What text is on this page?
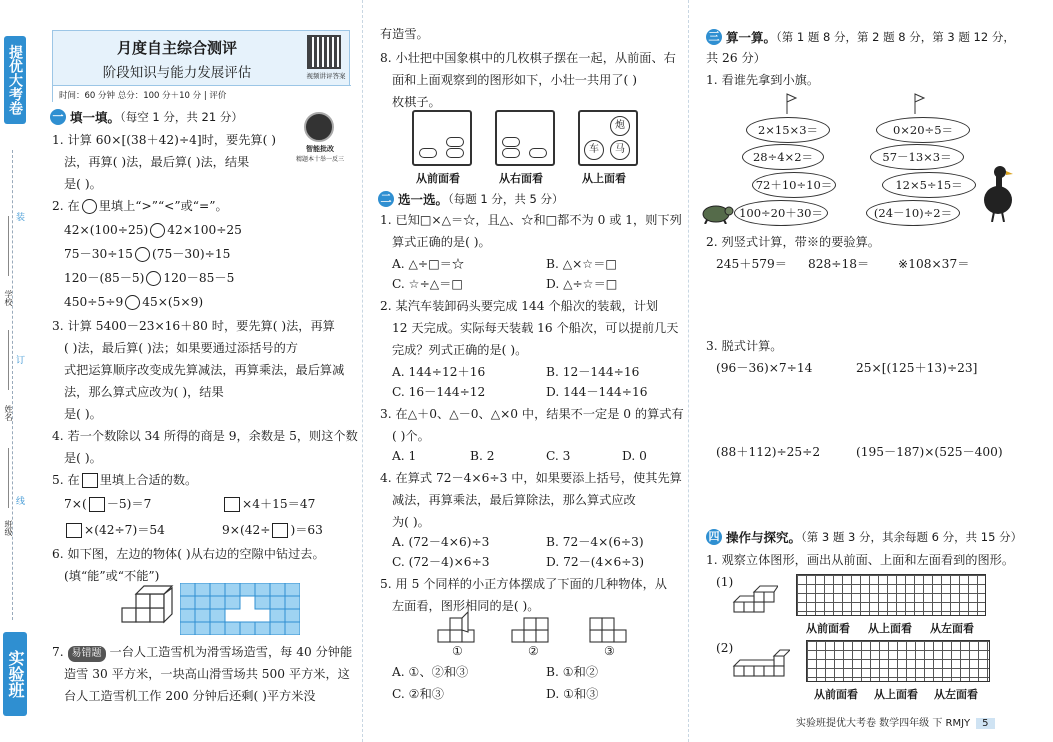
提优大考卷
学校
姓名
班级
装
订
线
实验班
月度自主综合测评
阶段知识与能力发展评估	视频讲评答案
时间：60 分钟 总分：100 分＋10 分 | 评价
智能批改
精题本十举一反三
一 填一填。（每空 1 分，共 21 分）
1. 计算 60×[(38＋42)÷4]时，要先算( )
法，再算( )法，最后算( )法，结果
是( )。
2. 在 里填上“>”“<”或“=”。
42×(100÷25) 42×100÷25
75－30÷15 (75－30)÷15
120－(85－5) 120－85－5
450÷5÷9 45×(5×9)
3. 计算 5400－23×16＋80 时，要先算( )法，再算
( )法，最后算( )法；如果要通过添括号的方
式把运算顺序改变成先算减法，再算乘法，最后算减
法，那么算式应改为( )，结果
是( )。
4. 若一个数除以 34 所得的商是 9，余数是 5，则这个数
是( )。
5. 在 里填上合适的数。
7×( －5)＝7	×4＋15＝47
×(42÷7)＝54	9×(42÷ )＝63
6. 如下图，左边的物体( )从右边的空隙中钻过去。
(填“能”或“不能”)
7. 易错题 一台人工造雪机为滑雪场造雪，每 40 分钟能
造雪 30 平方米，一块高山滑雪场共 500 平方米，这
台人工造雪机工作 200 分钟后还剩( )平方米没
有造雪。
8. 小壮把中国象棋中的几枚棋子摆在一起，从前面、右
面和上面观察到的图形如下，小壮一共用了( )
枚棋子。
炮
车	马
从前面看	从右面看	从上面看
二 选一选。（每题 1 分，共 5 分）
1. 已知□×△＝☆，且△、☆和□都不为 0 或 1，则下列
算式正确的是( )。
A. △÷□＝☆	B. △×☆＝□
C. ☆÷△＝□	D. △÷☆＝□
2. 某汽车装卸码头要完成 144 个船次的装载，计划
12 天完成。实际每天装载 16 个船次，可以提前几天
完成？列式正确的是( )。
A. 144÷12＋16	B. 12－144÷16
C. 16－144÷12	D. 144－144÷16
3. 在△＋0、△－0、△×0 中，结果不一定是 0 的算式有
( )个。
A. 1	B. 2	C. 3	D. 0
4. 在算式 72－4×6÷3 中，如果要添上括号，使其先算
减法，再算乘法，最后算除法，那么算式应改
为( )。
A. (72－4×6)÷3	B. 72－4×(6÷3)
C. (72－4)×6÷3	D. 72－(4×6÷3)
5. 用 5 个同样的小正方体摆成了下面的几种物体，从
左面看，图形相同的是( )。
①	②	③
A. ①、②和③	B. ①和②
C. ②和③	D. ①和③
三 算一算。（第 1 题 8 分，第 2 题 8 分，第 3 题 12 分，
共 26 分）
1. 看谁先拿到小旗。
2×15×3＝
28÷4×2＝
72＋10÷10＝
100÷20＋30＝
0×20÷5＝
57－13×3＝
12×5÷15＝
(24－10)÷2＝
2. 列竖式计算，带※的要验算。
245＋579＝ 828÷18＝ ※108×37＝
3. 脱式计算。
(96－36)×7÷14	25×[(125＋13)÷23]
(88＋112)÷25÷2	(195－187)×(525－400)
四 操作与探究。（第 3 题 3 分，其余每题 6 分，共 15 分）
1. 观察立体图形，画出从前面、上面和左面看到的图形。
(1)
从前面看 从上面看 从左面看
(2)
从前面看 从上面看 从左面看
实验班提优大考卷 数学四年级 下 RMJY 5
